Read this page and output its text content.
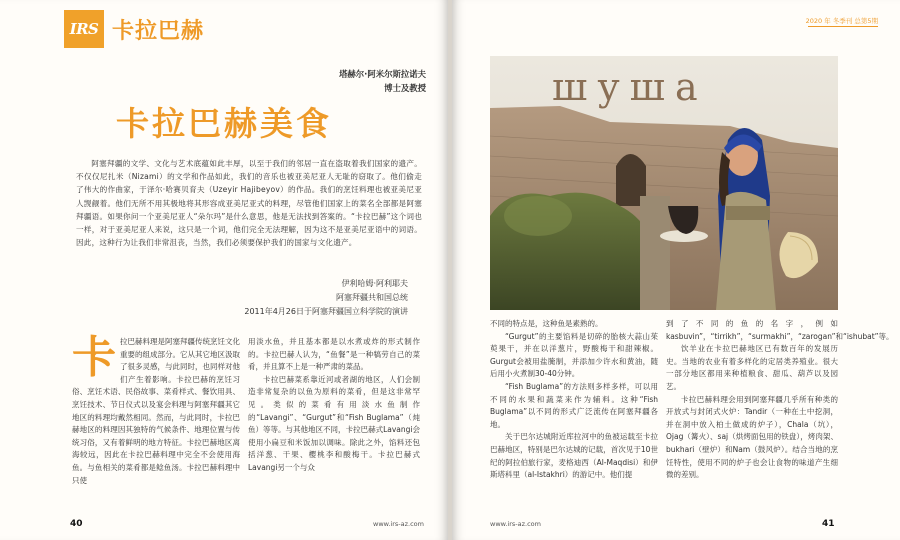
IRS 卡拉巴赫
塔赫尔·阿米尔斯拉诺夫
博士及教授
卡拉巴赫美食

阿塞拜疆的文学、文化与艺术底蕴如此丰厚，以至于我们的邻居一直在盗取着我们国家的遗产。不仅仅尼扎米（Nizami）的文学和作品如此，我们的音乐也被亚美尼亚人无耻的窃取了。他们偷走了伟大的作曲家，于泽尔·哈赛贝育夫（Uzeyir Hajibeyov）的作品。我们的烹饪料理也被亚美尼亚人觊觎着。他们无所不用其极地将其形容成亚美尼亚式的料理，尽管他们国家上的菜名全部都是阿塞拜疆语。如果你问一个亚美尼亚人“朵尔玛”是什么意思，他是无法找到答案的。“卡拉巴赫”这个词也一样，对于亚美尼亚人来说，这只是一个词，他们完全无法理解，因为这不是亚美尼亚语中的词语。因此，这种行为让我们非常沮丧，当然，我们必须要保护我们的国家与文化遗产。

伊利哈姆·阿利耶夫
阿塞拜疆共和国总统
2011年4月26日于阿塞拜疆国立科学院的演讲
卡拉巴赫料理是阿塞拜疆传统烹饪文化重要的组成部分。它从其它地区汲取了很多灵感，与此同时，也同样对他们产生着影响。卡拉巴赫的烹饪习俗、烹饪术语、民俗故事、菜肴样式、餐饮用具、烹饪技术、节日仪式以及宴会料理与阿塞拜疆其它地区的料理均戴然相同。然而，与此同时，卡拉巴赫地区的料理因其独特的气候条件、地理位置与传统习俗，又有着鲜明的地方特征。卡拉巴赫地区离海较远，因此在卡拉巴赫料理中完全不会使用海鱼。与鱼相关的菜肴都是鲶鱼汤。卡拉巴赫料理中只使

用淡水鱼，并且基本都是以水煮或炸的形式制作的。卡拉巴赫人认为，“鱼餐”是一种犒劳自己的菜肴，并且算不上是一种严肃的菜品。

卡拉巴赫菜系靠近河或者湖的地区，人们会制造非常复杂的以鱼为原料的菜肴，但是这非常罕见。类似的菜肴有用淡水鱼制作的“Lavangi”、“Gurgut”和“Fish Buglama”（炖鱼）等等。与其他地区不同，卡拉巴赫式Lavangi会使用小扁豆和米饭加以调味。除此之外，馅料还包括洋葱、干果、樱桃李和酸梅干。卡拉巴赫式Lavangi另一个与众

40	www.irs-az.com
2020 年 冬季刊 总第5期
шушa

不同的特点是，这种鱼是素熟的。

“Gurgut”的主要馅料是切碎的胎核大蒜山茱萸果干，并在以洋葱片，野酸梅干和甜辣椒。Gurgut会被用盐腌制，并添加少许水和黄油，随后用小火煮制30-40分钟。

“Fish Buglama”的方法则多样多样，可以用不同的水果和蔬菜来作为辅料。这种“Fish Buglama”以不同的形式广泛流传在阿塞拜疆各地。

关于巴尔达城附近库拉河中的鱼被运载至卡拉巴赫地区，特别是巴尔达城的记载，首次见于10世纪的阿拉伯旅行家，麦格迪西（Al-Maqdisi）和伊斯塔科里（al-Istakhri）的游记中。他们提

到了不同的鱼的名字，例如kasbuvin”，“tirrikh”，“surmakhi”，“zarogan”和“ishubat”等。

饮羊业在卡拉巴赫地区已有数百年的发展历史。当地的农业有着多样化的定居类养殖业。很大一部分地区都用来种植粮食、甜瓜、葫芦以及园艺。

卡拉巴赫料理会用到阿塞拜疆几乎所有种类的开放式与封闭式火炉：Tandir（一种在土中挖洞，并在洞中放入柏土做成的炉子），Chala（坑），Ojag（篝火）、saj（烘烤面包用的铁盘），烤肉架、bukhari（壁炉）和Nam（鼓风炉）。结合当地的烹饪特性，使用不同的炉子也会让食物的味道产生细微的差别。

www.irs-az.com	41
